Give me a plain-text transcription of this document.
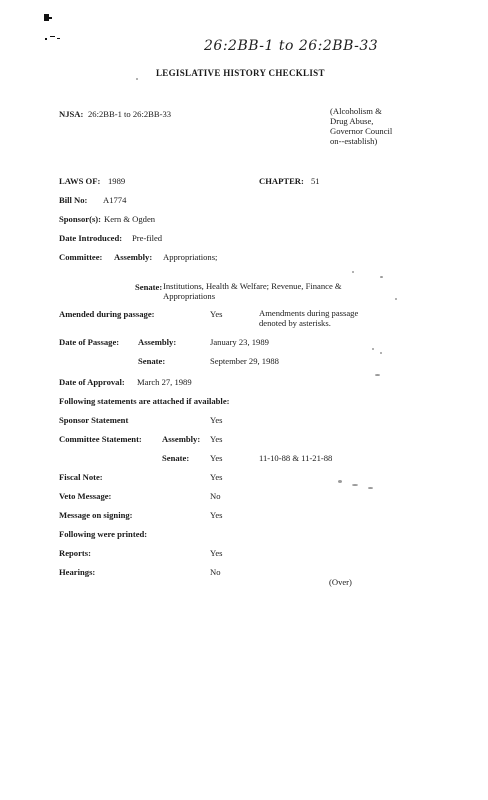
26:2BB-1 to 26:2BB-33
LEGISLATIVE HISTORY CHECKLIST
NJSA: 26:2BB-1 to 26:2BB-33	(Alcoholism &
Drug Abuse,
Governor Council
on--establish)
LAWS OF: 1989	CHAPTER: 51
Bill No: A1774
Sponsor(s): Kern & Ogden
Date Introduced: Pre-filed
Committee: Assembly: Appropriations;
Senate: Institutions, Health & Welfare; Revenue, Finance &
Appropriations
Amended during passage:	Yes	Amendments during passage
denoted by asterisks.
Date of Passage: Assembly:	January 23, 1989
Senate:	September 29, 1988
Date of Approval: March 27, 1989
Following statements are attached if available:
Sponsor Statement	Yes
Committee Statement: Assembly: Yes
Senate: Yes	11-10-88 & 11-21-88
Fiscal Note:	Yes
Veto Message:	No
Message on signing:	Yes
Following were printed:
Reports:	Yes
Hearings:	No
(Over)
